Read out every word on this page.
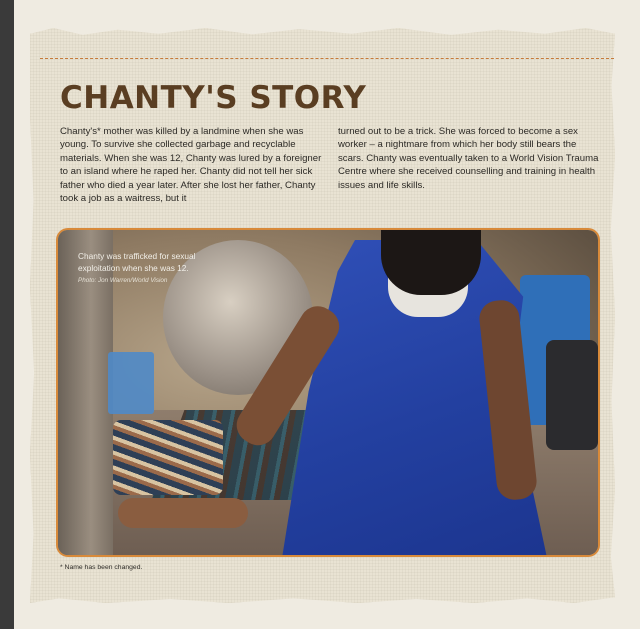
CHANTY'S STORY

Chanty's* mother was killed by a landmine when she was young. To survive she collected garbage and recyclable materials. When she was 12, Chanty was lured by a foreigner to an island where he raped her. Chanty did not tell her sick father who died a year later. After she lost her father, Chanty took a job as a waitress, but it

turned out to be a trick. She was forced to become a sex worker – a nightmare from which her body still bears the scars. Chanty was eventually taken to a World Vision Trauma Centre where she received counselling and training in health issues and life skills.

Chanty was trafficked for sexual exploitation when she was 12.

Photo: Jon Warren/World Vision

* Name has been changed.
